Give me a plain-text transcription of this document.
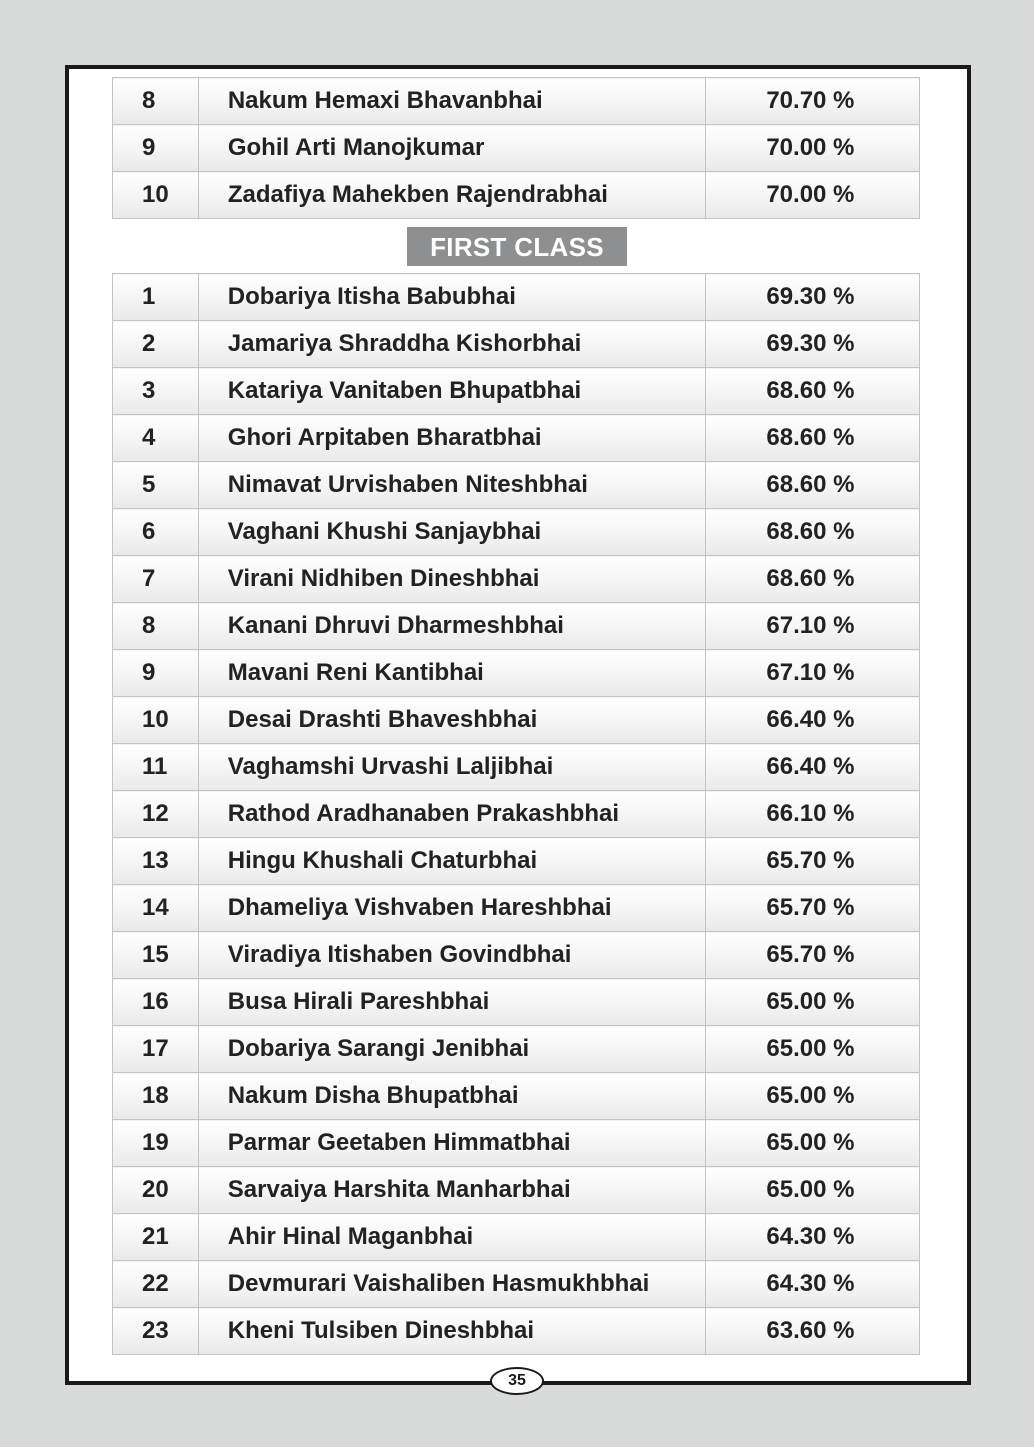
8	Nakum Hemaxi Bhavanbhai	70.70 %
9	Gohil Arti Manojkumar	70.00 %
10	Zadafiya Mahekben Rajendrabhai	70.00 %
FIRST CLASS
1	Dobariya Itisha Babubhai	69.30 %
2	Jamariya Shraddha Kishorbhai	69.30 %
3	Katariya Vanitaben Bhupatbhai	68.60 %
4	Ghori Arpitaben Bharatbhai	68.60 %
5	Nimavat Urvishaben Niteshbhai	68.60 %
6	Vaghani Khushi Sanjaybhai	68.60 %
7	Virani Nidhiben Dineshbhai	68.60 %
8	Kanani Dhruvi Dharmeshbhai	67.10 %
9	Mavani Reni Kantibhai	67.10 %
10	Desai Drashti Bhaveshbhai	66.40 %
11	Vaghamshi Urvashi Laljibhai	66.40 %
12	Rathod Aradhanaben Prakashbhai	66.10 %
13	Hingu Khushali Chaturbhai	65.70 %
14	Dhameliya Vishvaben Hareshbhai	65.70 %
15	Viradiya Itishaben Govindbhai	65.70 %
16	Busa Hirali Pareshbhai	65.00 %
17	Dobariya Sarangi Jenibhai	65.00 %
18	Nakum Disha Bhupatbhai	65.00 %
19	Parmar Geetaben Himmatbhai	65.00 %
20	Sarvaiya Harshita Manharbhai	65.00 %
21	Ahir Hinal Maganbhai	64.30 %
22	Devmurari Vaishaliben Hasmukhbhai	64.30 %
23	Kheni Tulsiben Dineshbhai	63.60 %
35
